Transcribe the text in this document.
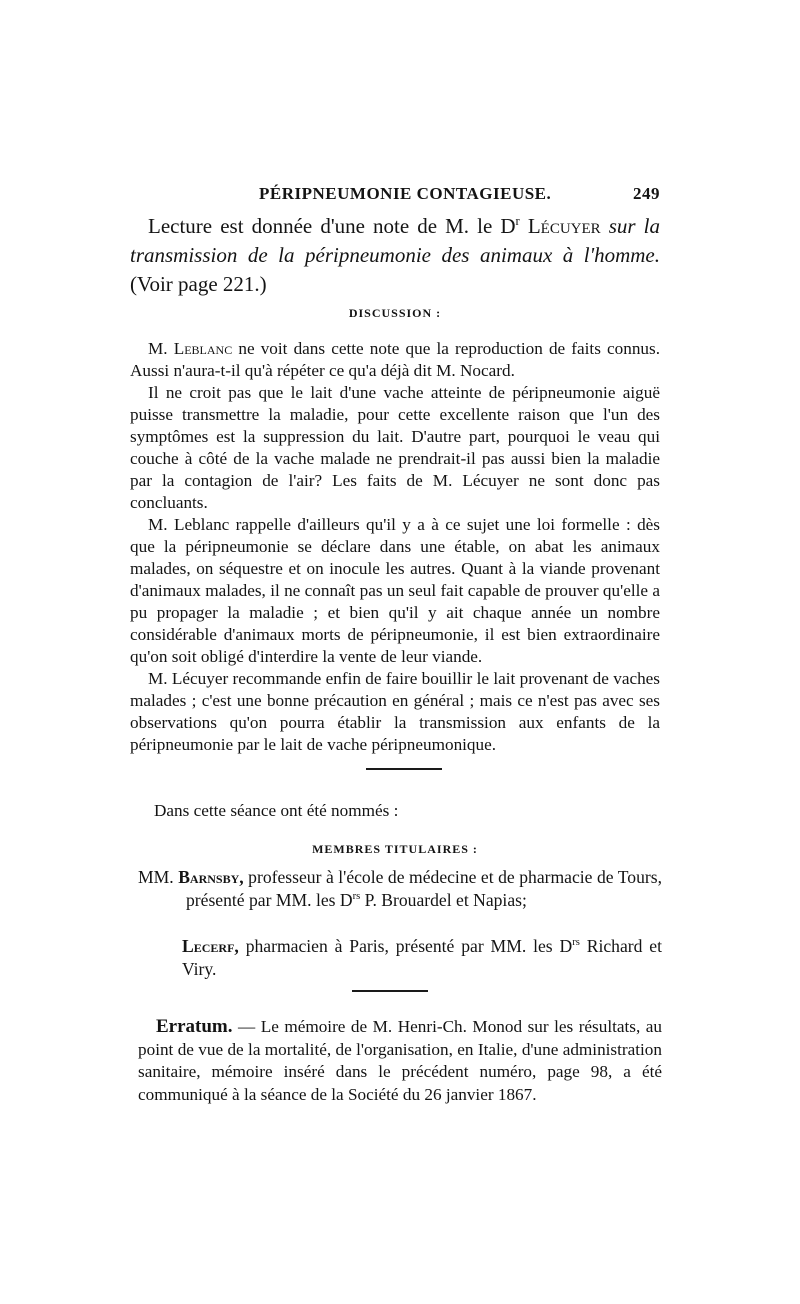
PÉRIPNEUMONIE CONTAGIEUSE.	249

Lecture est donnée d'une note de M. le $D^r$ Lécuyer sur la transmission de la péripneumonie des animaux à l'homme. (Voir page 221.)

DISCUSSION :

M. Leblanc ne voit dans cette note que la reproduction de faits connus. Aussi n'aura-t-il qu'à répéter ce qu'a déjà dit M. Nocard.

Il ne croit pas que le lait d'une vache atteinte de péripneumonie aiguë puisse transmettre la maladie, pour cette excellente raison que l'un des symptômes est la suppression du lait. D'autre part, pourquoi le veau qui couche à côté de la vache malade ne prendrait-il pas aussi bien la maladie par la contagion de l'air? Les faits de M. Lécuyer ne sont donc pas concluants.

M. Leblanc rappelle d'ailleurs qu'il y a à ce sujet une loi formelle : dès que la péripneumonie se déclare dans une étable, on abat les animaux malades, on séquestre et on inocule les autres. Quant à la viande provenant d'animaux malades, il ne connaît pas un seul fait capable de prouver qu'elle a pu propager la maladie ; et bien qu'il y ait chaque année un nombre considérable d'animaux morts de péripneumonie, il est bien extraordinaire qu'on soit obligé d'interdire la vente de leur viande.

M. Lécuyer recommande enfin de faire bouillir le lait provenant de vaches malades ; c'est une bonne précaution en général ; mais ce n'est pas avec ses observations qu'on pourra établir la transmission aux enfants de la péripneumonie par le lait de vache péripneumonique.

Dans cette séance ont été nommés :

MEMBRES TITULAIRES :

MM. Barnsby, professeur à l'école de médecine et de pharmacie de Tours, présenté par MM. les $D^{rs}$ P. Brouardel et Napias;
Lecerf, pharmacien à Paris, présenté par MM. les $D^{rs}$ Richard et Viry.

Erratum. — Le mémoire de M. Henri-Ch. Monod sur les résultats, au point de vue de la mortalité, de l'organisation, en Italie, d'une administration sanitaire, mémoire inséré dans le précédent numéro, page 98, a été communiqué à la séance de la Société du 26 janvier 1867.
